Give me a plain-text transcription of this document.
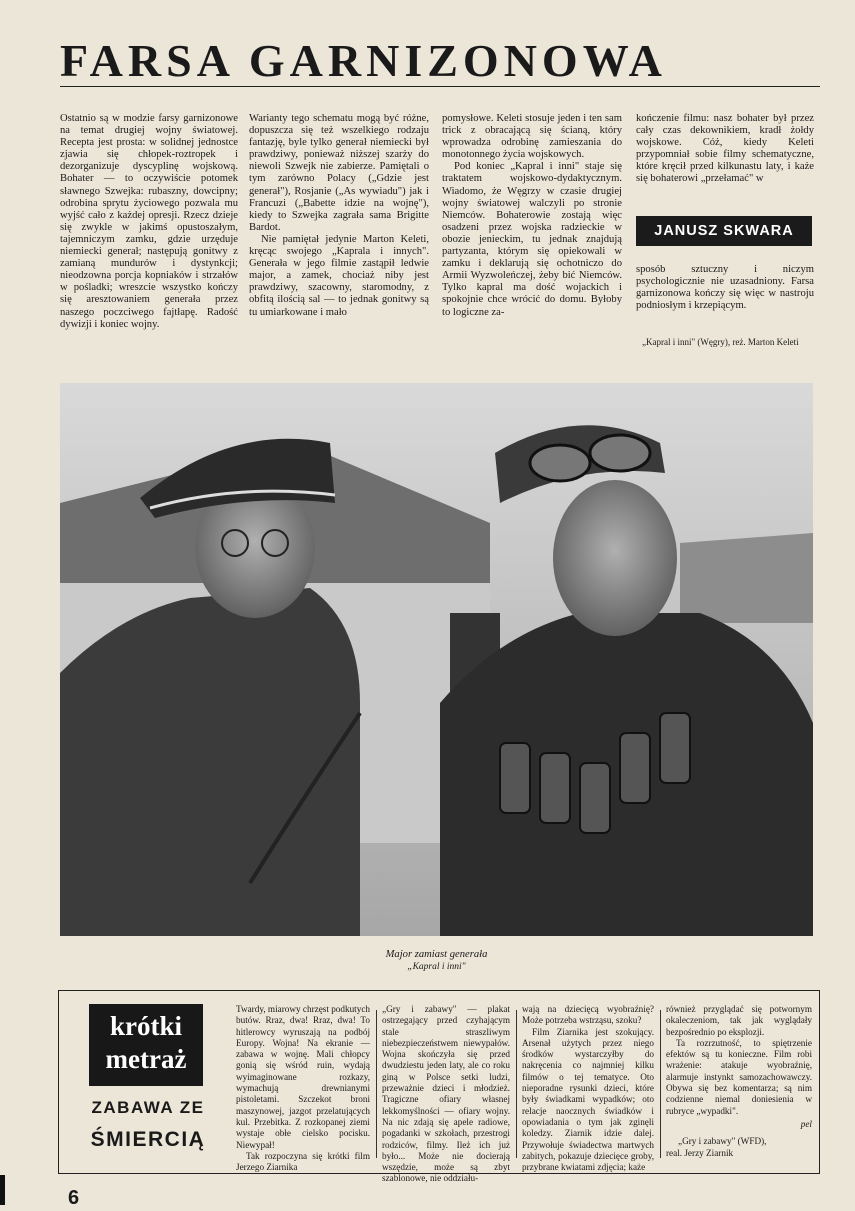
FARSA GARNIZONOWA

Ostatnio są w modzie farsy garnizonowe na temat drugiej wojny światowej. Recepta jest prosta: w solidnej jednostce zjawia się chłopek-roztropek i dezorganizuje dyscyplinę wojskową. Bohater — to oczywiście potomek sławnego Szwejka: rubaszny, dowcipny; odrobina sprytu życiowego pozwala mu wyjść cało z każdej opresji. Rzecz dzieje się zwykle w jakimś opustoszałym, tajemniczym zamku, gdzie urzęduje niemiecki generał; następują gonitwy z zamianą mundurów i dystynkcji; nieodzowna porcja kopniaków i strzałów w pośladki; wreszcie wszystko kończy się aresztowaniem generała przez naszego poczciwego fajtłapę. Radość dywizji i koniec wojny.

Warianty tego schematu mogą być różne, dopuszcza się też wszelkiego rodzaju fantazję, byle tylko generał niemiecki był prawdziwy, ponieważ niższej szarży do niewoli Szwejk nie zabierze. Pamiętali o tym zarówno Polacy („Gdzie jest generał"), Rosjanie („As wywiadu") jak i Francuzi („Babette idzie na wojnę"), kiedy to Szwejka zagrała sama Brigitte Bardot.

Nie pamiętał jedynie Marton Keleti, kręcąc swojego „Kaprala i innych". Generała w jego filmie zastąpił ledwie major, a zamek, chociaż niby jest prawdziwy, szacowny, staromodny, z obfitą ilością sal — to jednak gonitwy są tu umiarkowane i mało

pomysłowe. Keleti stosuje jeden i ten sam trick z obracającą się ścianą, który wprowadza odrobinę zamieszania do monotonnego życia wojskowych.

Pod koniec „Kapral i inni" staje się traktatem wojskowo-dydaktycznym. Wiadomo, że Węgrzy w czasie drugiej wojny światowej walczyli po stronie Niemców. Bohaterowie zostają więc osadzeni przez wojska radzieckie w obozie jenieckim, tu jednak znajdują partyzanta, którym się opiekowali w zamku i deklarują się ochotniczo do Armii Wyzwoleńczej, żeby bić Niemców. Tylko kapral ma dość wojackich i spokojnie chce wrócić do domu. Byłoby to logiczne za-

kończenie filmu: nasz bohater był przez cały czas dekownikiem, kradł żołdy wojskowe. Cóż, kiedy Keleti przypomniał sobie filmy schematyczne, które kręcił przed kilkunastu laty, i każe się bohaterowi „przełamać" w

JANUSZ SKWARA

sposób sztuczny i niczym psychologicznie nie uzasadniony. Farsa garnizonowa kończy się więc w nastroju podniosłym i krzepiącym.

„Kapral i inni" (Węgry), reż. Marton Keleti
Major zamiast generała
„Kapral i inni"
krótki
metraż
ZABAWA ZE
ŚMIERCIĄ

Twardy, miarowy chrzęst podkutych butów. Rraz, dwa! Rraz, dwa! To hitlerowcy wyruszają na podbój Europy. Wojna! Na ekranie — zabawa w wojnę. Mali chłopcy gonią się wśród ruin, wydają wyimaginowane rozkazy, wymachują drewnianymi pistoletami. Szczekot broni maszynowej, jazgot przelatujących kul. Przebitka. Z rozkopanej ziemi wystaje obłe cielsko pocisku. Niewypał!

Tak rozpoczyna się krótki film Jerzego Ziarnika

„Gry i zabawy" — plakat ostrzegający przed czyhającym stale straszliwym niebezpieczeństwem niewypałów. Wojna skończyła się przed dwudziestu jeden laty, ale co roku giną w Polsce setki ludzi, przeważnie dzieci i młodzież. Tragiczne ofiary własnej lekkomyślności — ofiary wojny. Na nic zdają się apele radiowe, pogadanki w szkołach, przestrogi rodziców, filmy. Ileż ich już było... Może nie docierają wszędzie, może są zbyt szablonowe, nie oddziału-

wają na dziecięcą wyobraźnię? Może potrzeba wstrząsu, szoku?

Film Ziarnika jest szokujący. Arsenał użytych przez niego środków wystarczyłby do nakręcenia co najmniej kilku filmów o tej tematyce. Oto nieporadne rysunki dzieci, które były świadkami wypadków; oto relacje naocznych świadków i opowiadania o tym jak zginęli koledzy. Ziarnik idzie dalej. Przywołuje świadectwa martwych zabitych, pokazuje dziecięce groby, przybrane kwiatami zdjęcia; każe

również przyglądać się potwornym okaleczeniom, tak jak wyglądały bezpośrednio po eksplozji.

Ta rozrzutność, to spiętrzenie efektów są tu konieczne. Film robi wrażenie: atakuje wyobraźnię, alarmuje instynkt samozachowawczy. Obywa się bez komentarza; są nim codzienne niemal doniesienia w rubryce „wypadki".

pel
„Gry i zabawy" (WFD),
real. Jerzy Ziarnik
6
